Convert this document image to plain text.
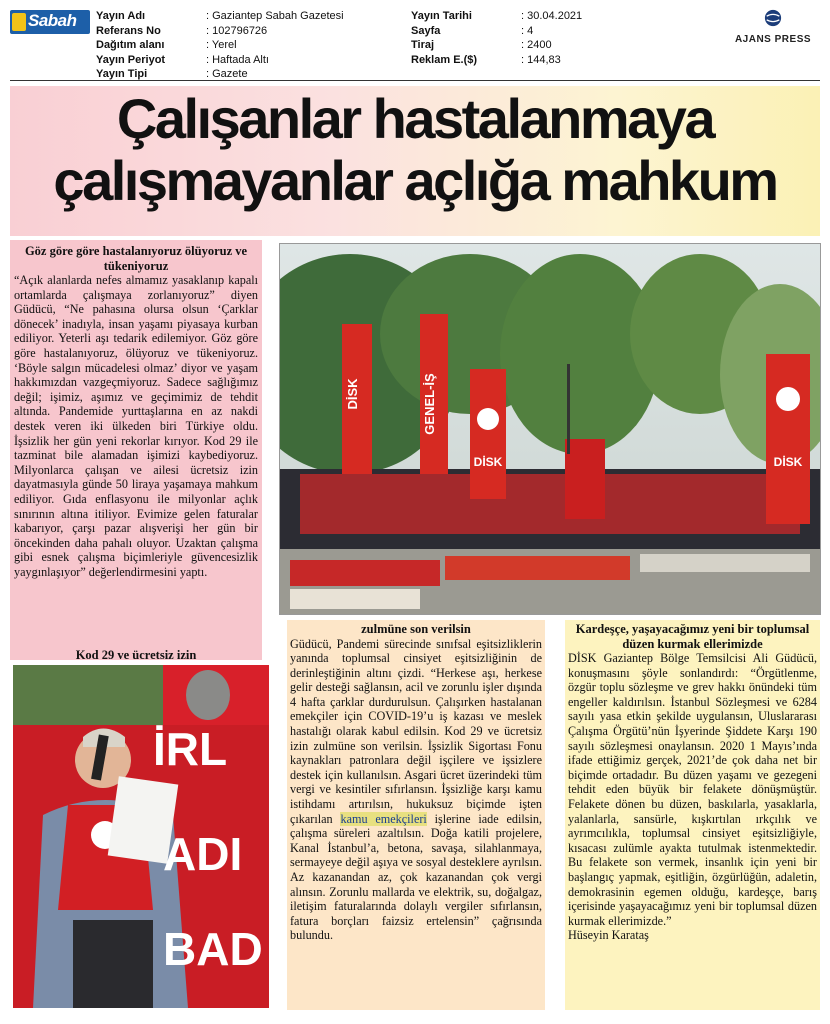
Sabah Yayın Adı	: Gaziantep Sabah Gazetesi
Referans No	: 102796726
Dağıtım alanı	: Yerel
Yayın Periyot	: Haftada Altı
Yayın Tipi	: Gazete
Yayın Tarihi	: 30.04.2021
Sayfa	: 4
Tiraj	: 2400
Reklam E.($)	: 144,83
AJANS PRESS
Çalışanlar hastalanmaya
çalışmayanlar açlığa mahkum
Göz göre göre hastalanıyoruz ölüyoruz ve tükeniyoruz
“Açık alanlarda nefes almamız yasaklanıp kapalı ortamlarda çalışmaya zorlanıyoruz” diyen Güdücü, “Ne pahasına olursa olsun ‘Çarklar dönecek’ inadıyla, insan yaşamı piyasaya kurban ediliyor. Yeterli aşı tedarik edilemiyor. Göz göre göre hastalanıyoruz, ölüyoruz ve tükeniyoruz. ‘Böyle salgın mücadelesi olmaz’ diyor ve yaşam hakkımızdan vazgeçmiyoruz. Sadece sağlığımız değil; işimiz, aşımız ve geçimimiz de tehdit altında. Pandemide yurttaşlarına en az nakdi destek veren iki ülkeden biri Türkiye oldu. İşsizlik her gün yeni rekorlar kırıyor. Kod 29 ile tazminat bile alamadan işimizi kaybediyoruz. Milyonlarca çalışan ve ailesi ücretsiz izin dayatmasıyla günde 50 liraya yaşamaya mahkum ediliyor. Gıda enflasyonu ile milyonlar açlık sınırının altına itiliyor. Evimize gelen faturalar kabarıyor, çarşı pazar alışverişi her gün bir öncekinden daha pahalı oluyor. Uzaktan çalışma gibi esnek çalışma biçimleriyle güvencesizlik yaygınlaşıyor” değerlendirmesini yaptı.
Kod 29 ve ücretsiz izin
DİSK	GENEL-İŞ
DİSK	DİSK
İRL ADI BAD
zulmüne son verilsin
Güdücü, Pandemi sürecinde sınıfsal eşitsizliklerin yanında toplumsal cinsiyet eşitsizliğinin de derinleştiğinin altını çizdi. “Herkese aşı, herkese gelir desteği sağlansın, acil ve zorunlu işler dışında 4 hafta çarklar durdurulsun. Çalışırken hastalanan emekçiler için COVID-19’u iş kazası ve meslek hastalığı olarak kabul edilsin. Kod 29 ve ücretsiz izin zulmüne son verilsin. İşsizlik Sigortası Fonu kaynakları patronlara değil işçilere ve işsizlere destek için kullanılsın. Asgari ücret üzerindeki tüm vergi ve kesintiler sıfırlansın. İşsizliğe karşı kamu istihdamı artırılsın, hukuksuz biçimde işten çıkarılan kamu emekçileri işlerine iade edilsin, çalışma süreleri azaltılsın. Doğa katili projelere, Kanal İstanbul’a, betona, savaşa, silahlanmaya, sermayeye değil aşıya ve sosyal desteklere ayrılsın. Az kazanandan az, çok kazanandan çok vergi alınsın. Zorunlu mallarda ve elektrik, su, doğalgaz, iletişim faturalarında dolaylı vergiler sıfırlansın, fatura borçları faizsiz ertelensin” çağrısında bulundu.
Kardeşçe, yaşayacağımız yeni bir toplumsal düzen kurmak ellerimizde
DİSK Gaziantep Bölge Temsilcisi Ali Güdücü, konuşmasını şöyle sonlandırdı: “Örgütlenme, özgür toplu sözleşme ve grev hakkı önündeki tüm engeller kaldırılsın. İstanbul Sözleşmesi ve 6284 sayılı yasa etkin şekilde uygulansın, Uluslararası Çalışma Örgütü’nün İşyerinde Şiddete Karşı 190 sayılı sözleşmesi onaylansın. 2020 1 Mayıs’ında ifade ettiğimiz gerçek, 2021’de çok daha net bir biçimde ortadadır. Bu düzen yaşamı ve gezegeni tehdit eden büyük bir felakete dönüşmüştür. Felakete dönen bu düzen, baskılarla, yasaklarla, yalanlarla, sansürle, kışkırtılan ırkçılık ve ayrımcılıkla, toplumsal cinsiyet eşitsizliğiyle, kısacası zulümle ayakta tutulmak istenmektedir. Bu felakete son vermek, insanlık için yeni bir başlangıç yapmak, eşitliğin, özgürlüğün, adaletin, demokrasinin egemen olduğu, kardeşçe, barış içerisinde yaşayacağımız yeni bir toplumsal düzen kurmak ellerimizde.”
Hüseyin Karataş
